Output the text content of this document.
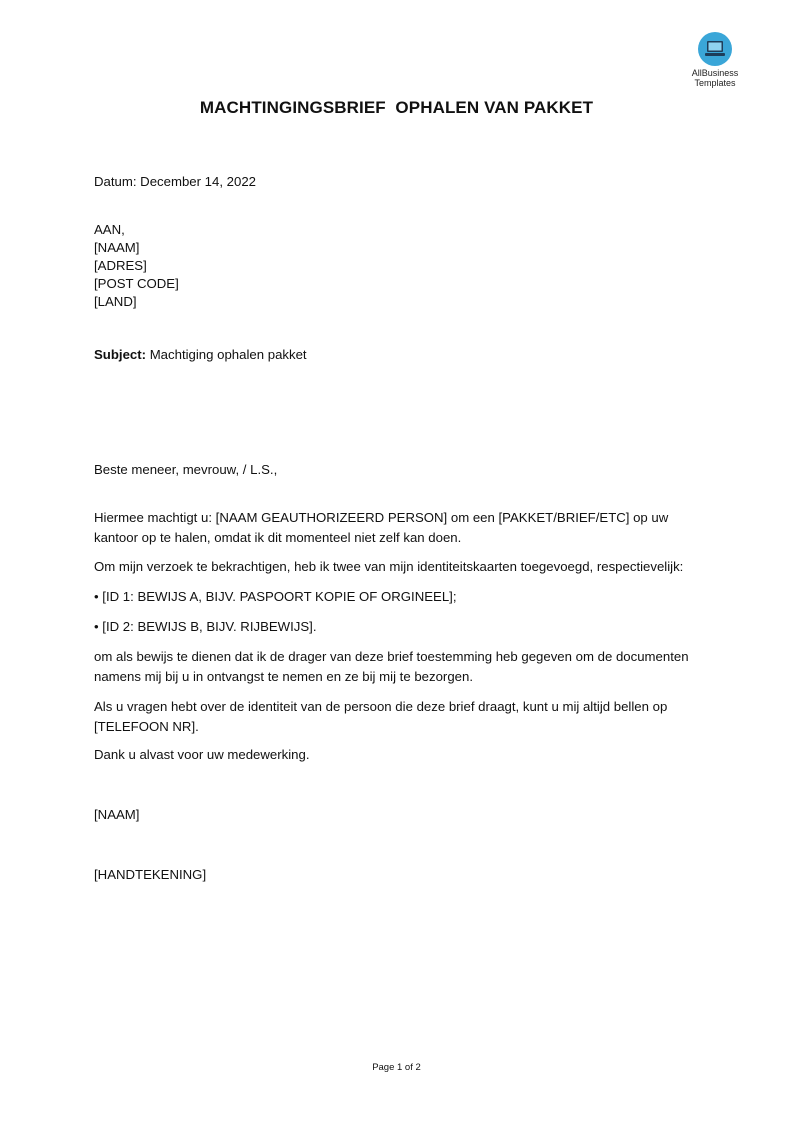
AllBusiness
Templates
MACHTINGINGSBRIEF  OPHALEN VAN PAKKET
Datum: December 14, 2022
AAN,
[NAAM]
[ADRES]
[POST CODE]
[LAND]
Subject: Machtiging ophalen pakket
Beste meneer, mevrouw, / L.S.,
Hiermee machtigt u: [NAAM GEAUTHORIZEERD PERSON] om een [PAKKET/BRIEF/ETC] op uw kantoor op te halen, omdat ik dit momenteel niet zelf kan doen.
Om mijn verzoek te bekrachtigen, heb ik twee van mijn identiteitskaarten toegevoegd, respectievelijk:
• [ID 1: BEWIJS A, BIJV. PASPOORT KOPIE OF ORGINEEL];
• [ID 2: BEWIJS B, BIJV. RIJBEWIJS].
om als bewijs te dienen dat ik de drager van deze brief toestemming heb gegeven om de documenten namens mij bij u in ontvangst te nemen en ze bij mij te bezorgen.
Als u vragen hebt over de identiteit van de persoon die deze brief draagt, kunt u mij altijd bellen op [TELEFOON NR].
Dank u alvast voor uw medewerking.
[NAAM]
[HANDTEKENING]
Page 1 of 2
